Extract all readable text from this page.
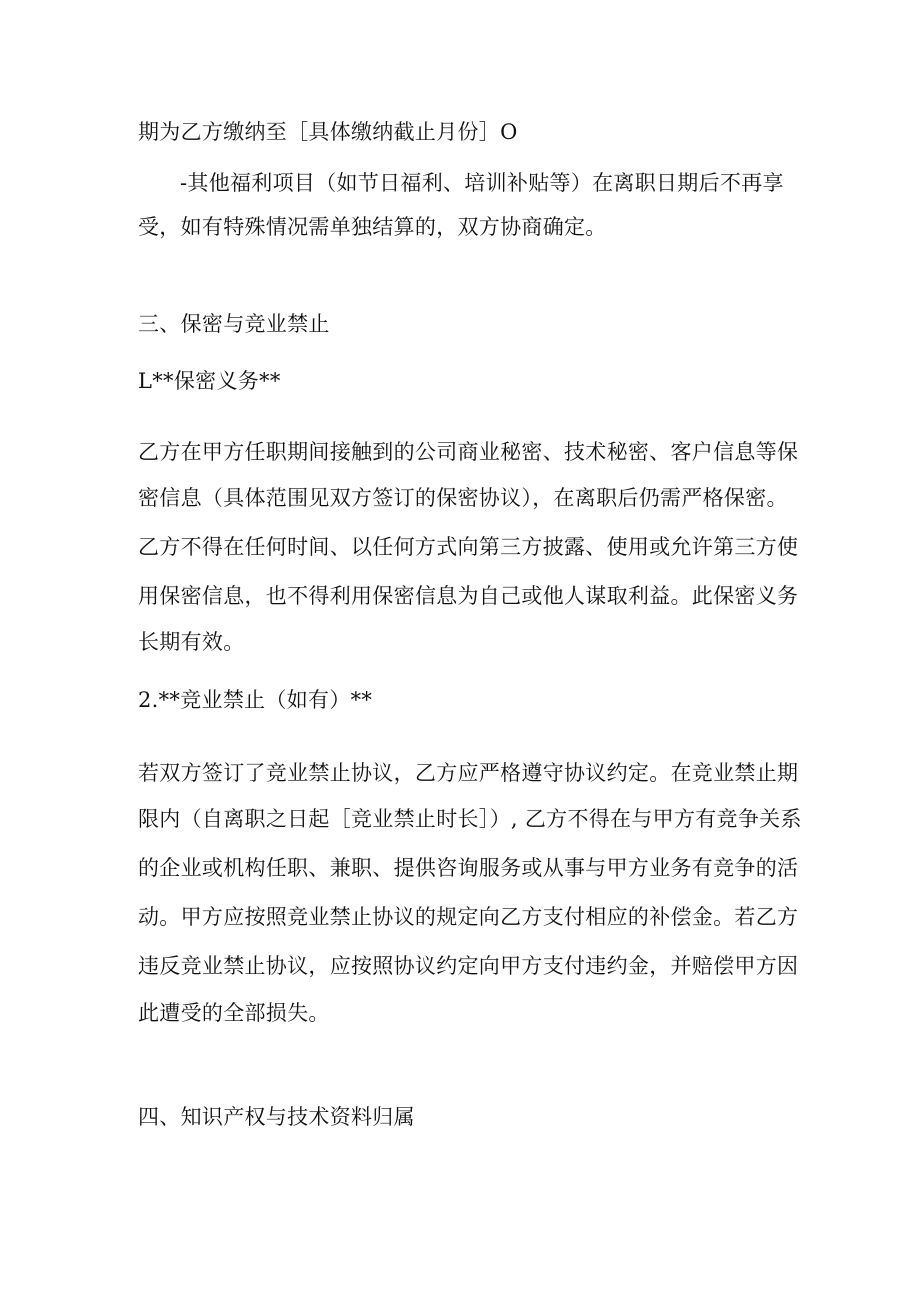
期为乙方缴纳至［具体缴纳截止月份］O
-其他福利项目（如节日福利、培训补贴等）在离职日期后不再享
受，如有特殊情况需单独结算的，双方协商确定。
三、保密与竞业禁止
L**保密义务**
乙方在甲方任职期间接触到的公司商业秘密、技术秘密、客户信息等保
密信息（具体范围见双方签订的保密协议），在离职后仍需严格保密。
乙方不得在任何时间、以任何方式向第三方披露、使用或允许第三方使
用保密信息，也不得利用保密信息为自己或他人谋取利益。此保密义务
长期有效。
2.**竞业禁止（如有）**
若双方签订了竞业禁止协议，乙方应严格遵守协议约定。在竞业禁止期
限内（自离职之日起［竞业禁止时长］）, 乙方不得在与甲方有竞争关系
的企业或机构任职、兼职、提供咨询服务或从事与甲方业务有竞争的活
动。甲方应按照竞业禁止协议的规定向乙方支付相应的补偿金。若乙方
违反竞业禁止协议，应按照协议约定向甲方支付违约金，并赔偿甲方因
此遭受的全部损失。
四、知识产权与技术资料归属
